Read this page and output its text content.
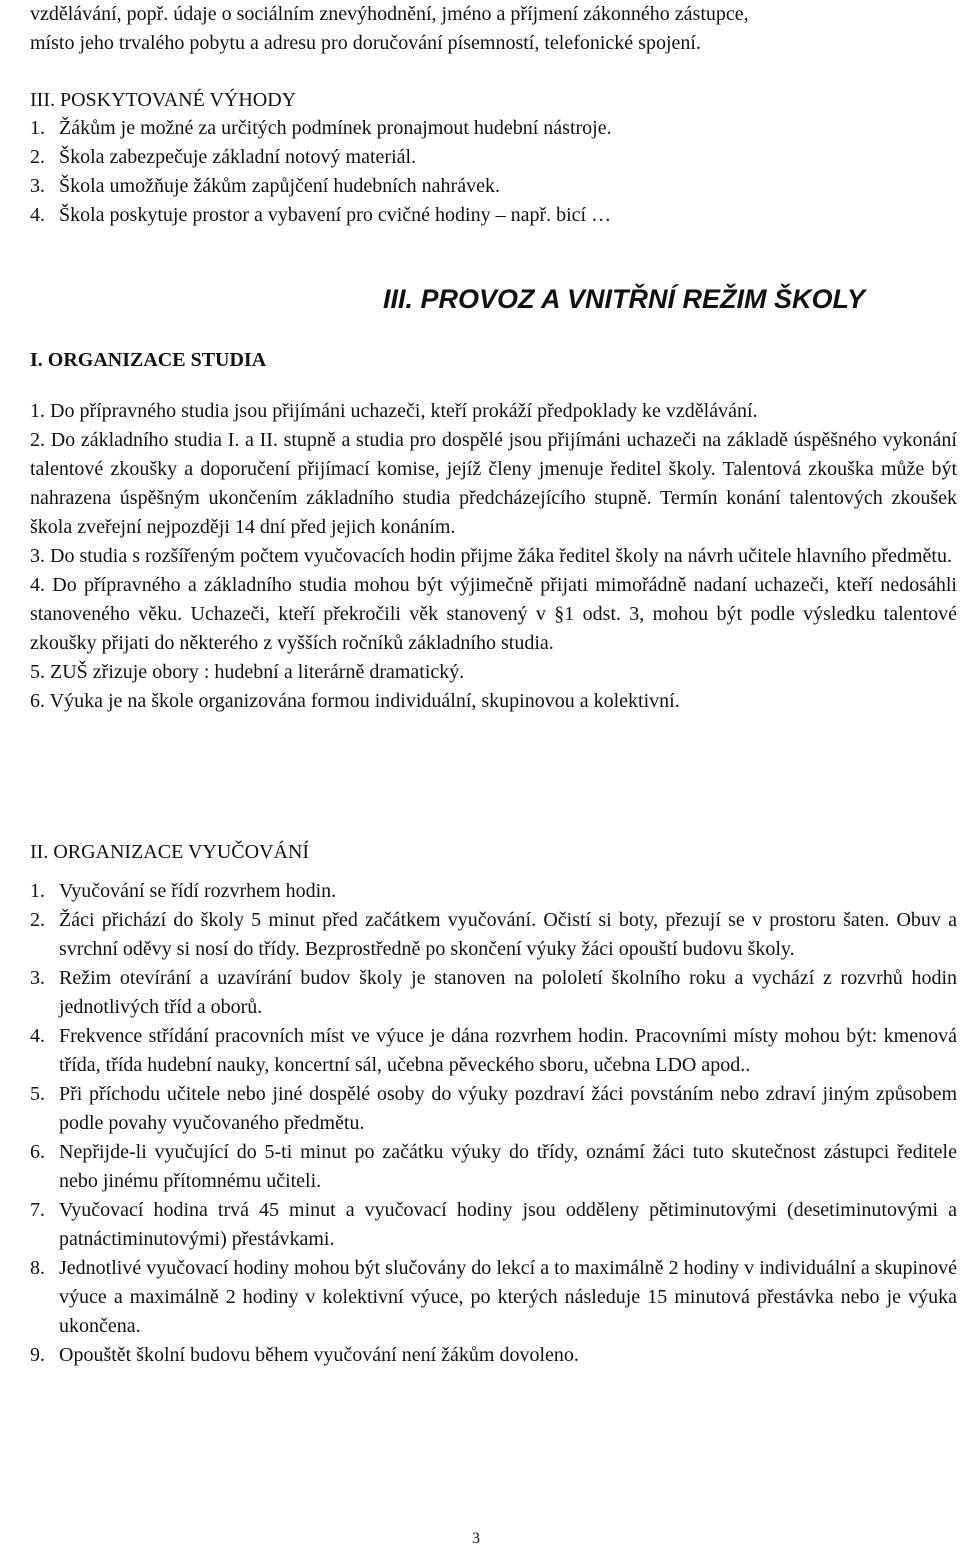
vzdělávání, popř. údaje o sociálním znevýhodnění, jméno a příjmení zákonného zástupce,

místo jeho trvalého pobytu a adresu pro doručování písemností, telefonické spojení.

III. POSKYTOVANÉ VÝHODY
1. Žákům je možné za určitých podmínek pronajmout hudební nástroje.
2. Škola zabezpečuje základní notový materiál.
3. Škola umožňuje žákům zapůjčení hudebních nahrávek.
4. Škola poskytuje prostor a vybavení pro cvičné hodiny – např. bicí …
III. PROVOZ A VNITŘNÍ REŽIM ŠKOLY
I. ORGANIZACE STUDIA
1. Do přípravného studia jsou přijímáni uchazeči, kteří prokáží předpoklady ke vzdělávání.
2. Do základního studia I. a II. stupně a studia pro dospělé jsou přijímáni uchazeči na základě úspěšného vykonání talentové zkoušky a doporučení přijímací komise, jejíž členy jmenuje ředitel školy. Talentová zkouška může být nahrazena úspěšným ukončením základního studia předcházejícího stupně. Termín konání talentových zkoušek škola zveřejní nejpozději 14 dní před jejich konáním.
3. Do studia s rozšířeným počtem vyučovacích hodin přijme žáka ředitel školy na návrh učitele hlavního předmětu.
4. Do přípravného a základního studia mohou být výjimečně přijati mimořádně nadaní uchazeči, kteří nedosáhli stanoveného věku. Uchazeči, kteří překročili věk stanovený v §1 odst. 3, mohou být podle výsledku talentové zkoušky přijati do některého z vyšších ročníků základního studia.
5. ZUŠ zřizuje obory : hudební a literárně dramatický.
6. Výuka je na škole organizována formou individuální, skupinovou a kolektivní.
II. ORGANIZACE VYUČOVÁNÍ
1. Vyučování se řídí rozvrhem hodin.
2. Žáci přichází do školy 5 minut před začátkem vyučování. Očistí si boty, přezují se v prostoru šaten. Obuv a svrchní oděvy si nosí do třídy. Bezprostředně po skončení výuky žáci opouští budovu školy.
3. Režim otevírání a uzavírání budov školy je stanoven na pololetí školního roku a vychází z rozvrhů hodin jednotlivých tříd a oborů.
4. Frekvence střídání pracovních míst ve výuce je dána rozvrhem hodin. Pracovními místy mohou být: kmenová třída, třída hudební nauky, koncertní sál, učebna pěveckého sboru, učebna LDO apod..
5. Při příchodu učitele nebo jiné dospělé osoby do výuky pozdraví žáci povstáním nebo zdraví jiným způsobem podle povahy vyučovaného předmětu.
6. Nepřijde-li vyučující do 5-ti minut po začátku výuky do třídy, oznámí žáci tuto skutečnost zástupci ředitele nebo jinému přítomnému učiteli.
7. Vyučovací hodina trvá 45 minut a vyučovací hodiny jsou odděleny pětiminutovými (desetiminutovými a patnáctiminutovými) přestávkami.
8. Jednotlivé vyučovací hodiny mohou být slučovány do lekcí a to maximálně 2 hodiny v individuální a skupinové výuce a maximálně 2 hodiny v kolektivní výuce, po kterých následuje 15 minutová přestávka nebo je výuka ukončena.
9. Opouštět školní budovu během vyučování není žákům dovoleno.

3
